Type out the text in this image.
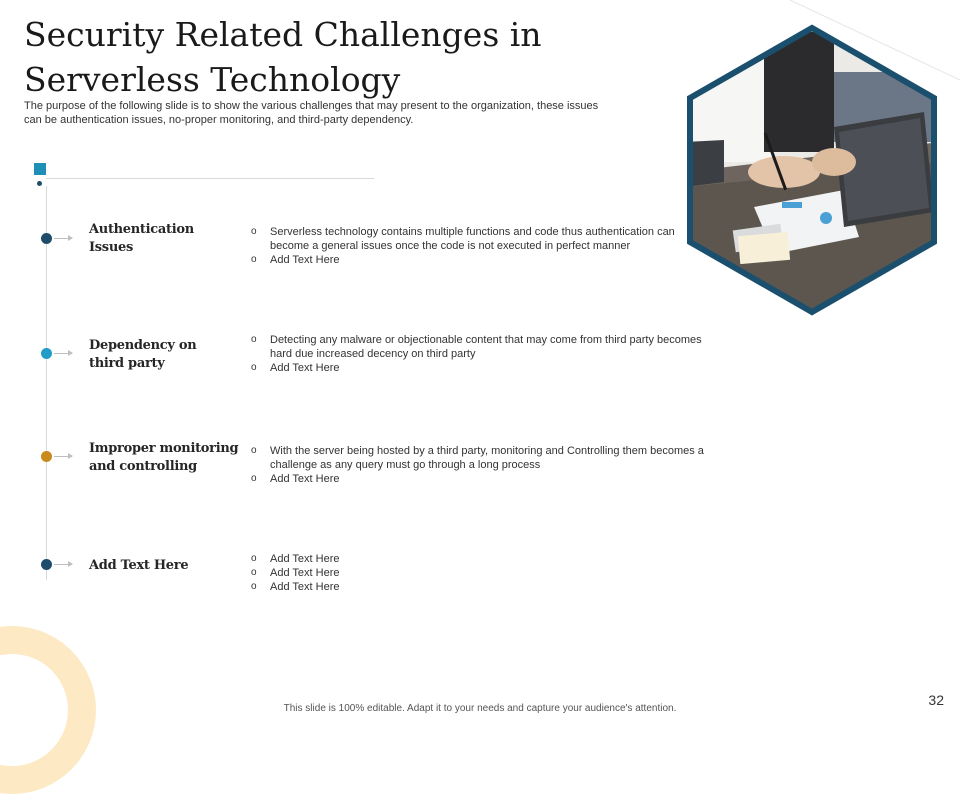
Security Related Challenges in
Serverless Technology

The purpose of the following slide is to show the various challenges that may present to the organization, these issues can be authentication issues, no-proper monitoring, and third-party dependency.

Authentication
Issues
o Serverless technology contains multiple functions and code thus authentication can become a general issues once the code is not executed in perfect manner
o Add Text Here
Dependency on
third party
o Detecting any malware or objectionable content that may come from third party becomes hard due increased decency on third party
o Add Text Here
Improper monitoring
and controlling
o With the server being hosted by a third party, monitoring and Controlling them becomes a challenge as any query must go through a long process
o Add Text Here
Add Text Here
o	Add Text Here
o Add Text Here
o Add Text Here

This slide is 100% editable. Adapt it to your needs and capture your audience's attention.

32
